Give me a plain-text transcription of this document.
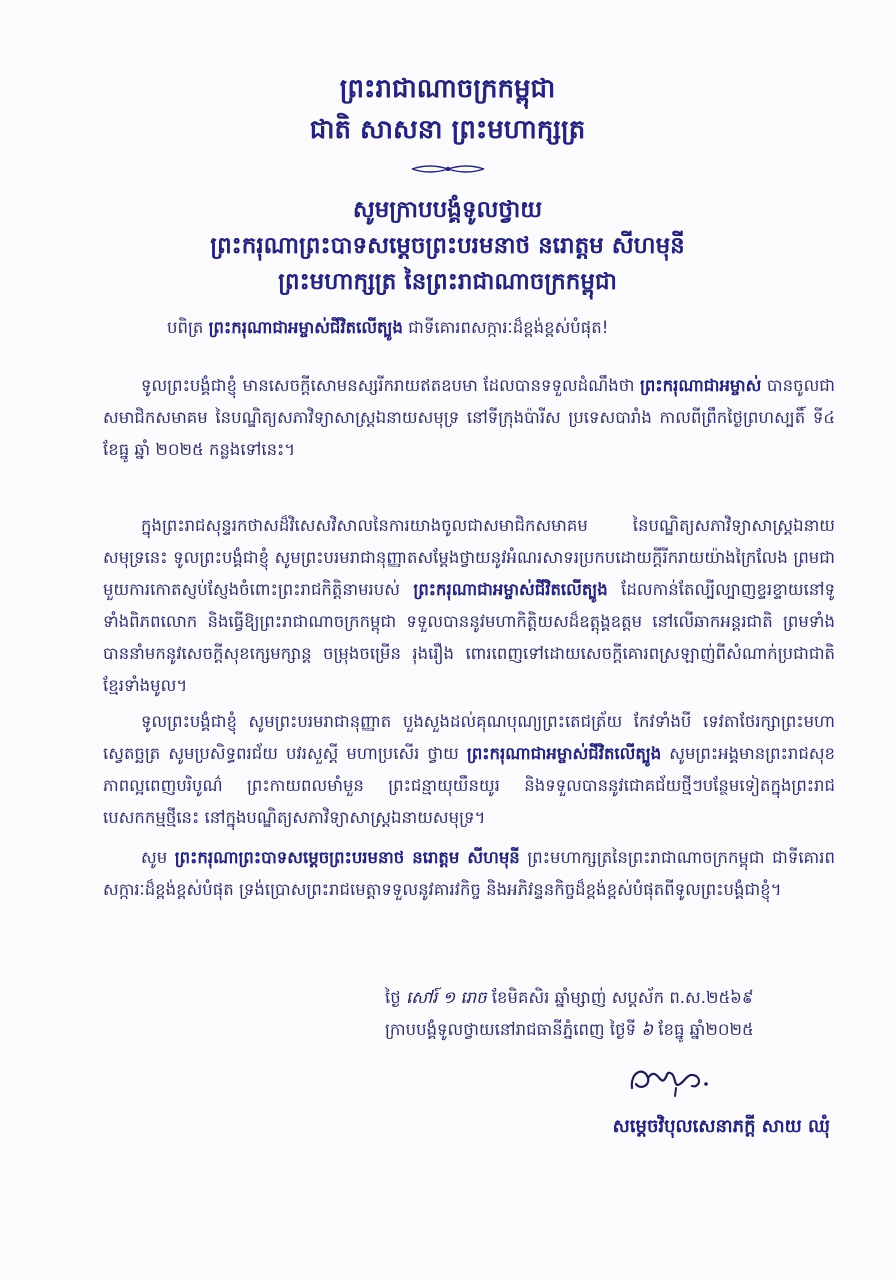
ព្រះរាជាណាចក្រកម្ពុជា
ជាតិ សាសនា ព្រះមហាក្សត្រ
សូមក្រាបបង្គំទូលថ្វាយ
ព្រះករុណាព្រះបាទសម្តេចព្រះបរមនាថ នរោត្តម សីហមុនី
ព្រះមហាក្សត្រ នៃព្រះរាជាណាចក្រកម្ពុជា

បពិត្រ ព្រះករុណាជាអម្ចាស់ជីវិតលើត្បូង ជាទីគោរពសក្ការៈដ៏ខ្ពង់ខ្ពស់បំផុត!

ទូលព្រះបង្គំជាខ្ញុំ មានសេចក្តីសោមនស្សរីករាយឥតឧបមា ដែលបានទទួលដំណឹងថា ព្រះករុណាជាអម្ចាស់ បានចូលជាសមាជិកសមាគម នៃបណ្ឌិត្យសភាវិទ្យាសាស្ត្រឯនាយសមុទ្រ នៅទីក្រុងប៉ារីស ប្រទេសបារាំង កាលពីព្រឹកថ្ងៃព្រហស្បតិ៍ ទី៤ ខែធ្នូ ឆ្នាំ ២០២៥ កន្លងទៅនេះ។

ក្នុងព្រះរាជសុន្ទរកថាសដ៏វិសេសវិសាលនៃការយាងចូលជាសមាជិកសមាគម នៃបណ្ឌិត្យសភាវិទ្យាសាស្ត្រឯនាយសមុទ្រនេះ ទូលព្រះបង្គំជាខ្ញុំ សូមព្រះបរមរាជានុញ្ញាតសម្តែងថ្វាយនូវអំណរសាទរប្រកបដោយក្តីរីករាយយ៉ាងក្រៃលែង ព្រមជាមួយការកោតស្ញប់ស្ញែងចំពោះព្រះរាជកិត្តិនាមរបស់ ព្រះករុណាជាអម្ចាស់ជីវិតលើត្បូង ដែលកាន់តែល្បីល្បាញខ្ទរខ្ទាយនៅទូទាំងពិភពលោក និងធ្វើឱ្យព្រះរាជាណាចក្រកម្ពុជា ទទួលបាននូវមហាកិត្តិយសដ៏ឧត្តុង្គឧត្តម នៅលើឆាកអន្តរជាតិ ព្រមទាំងបាននាំមកនូវសេចក្តីសុខក្សេមក្សាន្ត ចម្រុងចម្រើន រុងរឿង ពោរពេញទៅដោយសេចក្តីគោរពស្រឡាញ់ពីសំណាក់ប្រជាជាតិខ្មែរទាំងមូល។

ទូលព្រះបង្គំជាខ្ញុំ សូមព្រះបរមរាជានុញ្ញាត បួងសួងដល់គុណបុណ្យព្រះតេជត្រ័យ កែវទាំងបី ទេវតាថែរក្សាព្រះមហាស្វេតច្ឆត្រ សូមប្រសិទ្ធពរជ័យ បវរសួស្តី មហាប្រសើរ ថ្វាយ ព្រះករុណាជាអម្ចាស់ជីវិតលើត្បូង សូមព្រះអង្គមានព្រះរាជសុខភាពល្អពេញបរិបូណ៌ ព្រះកាយពលមាំមួន ព្រះជន្មាយុយឺនយូរ និងទទួលបាននូវជោគជ័យថ្មីៗបន្ថែមទៀតក្នុងព្រះរាជបេសកកម្មថ្មីនេះ នៅក្នុងបណ្ឌិត្យសភាវិទ្យាសាស្ត្រឯនាយសមុទ្រ។

សូម ព្រះករុណាព្រះបាទសម្តេចព្រះបរមនាថ នរោត្តម សីហមុនី ព្រះមហាក្សត្រនៃព្រះរាជាណាចក្រកម្ពុជា ជាទីគោរពសក្ការៈដ៏ខ្ពង់ខ្ពស់បំផុត ទ្រង់ប្រោសព្រះរាជមេត្តាទទួលនូវគារវកិច្ច និងអភិវន្ទនកិច្ចដ៏ខ្ពង់ខ្ពស់បំផុតពីទូលព្រះបង្គំជាខ្ញុំ។

ថ្ងៃ សៅរ៍ ១ រោច ខែមិគសិរ ឆ្នាំម្សាញ់ សប្តស័ក ព.ស.២៥៦៩
ក្រាបបង្គំទូលថ្វាយនៅរាជធានីភ្នំពេញ ថ្ងៃទី ៦ ខែធ្នូ ឆ្នាំ២០២៥
សម្តេចវិបុលសេនាភក្តី សាយ ឈុំ
